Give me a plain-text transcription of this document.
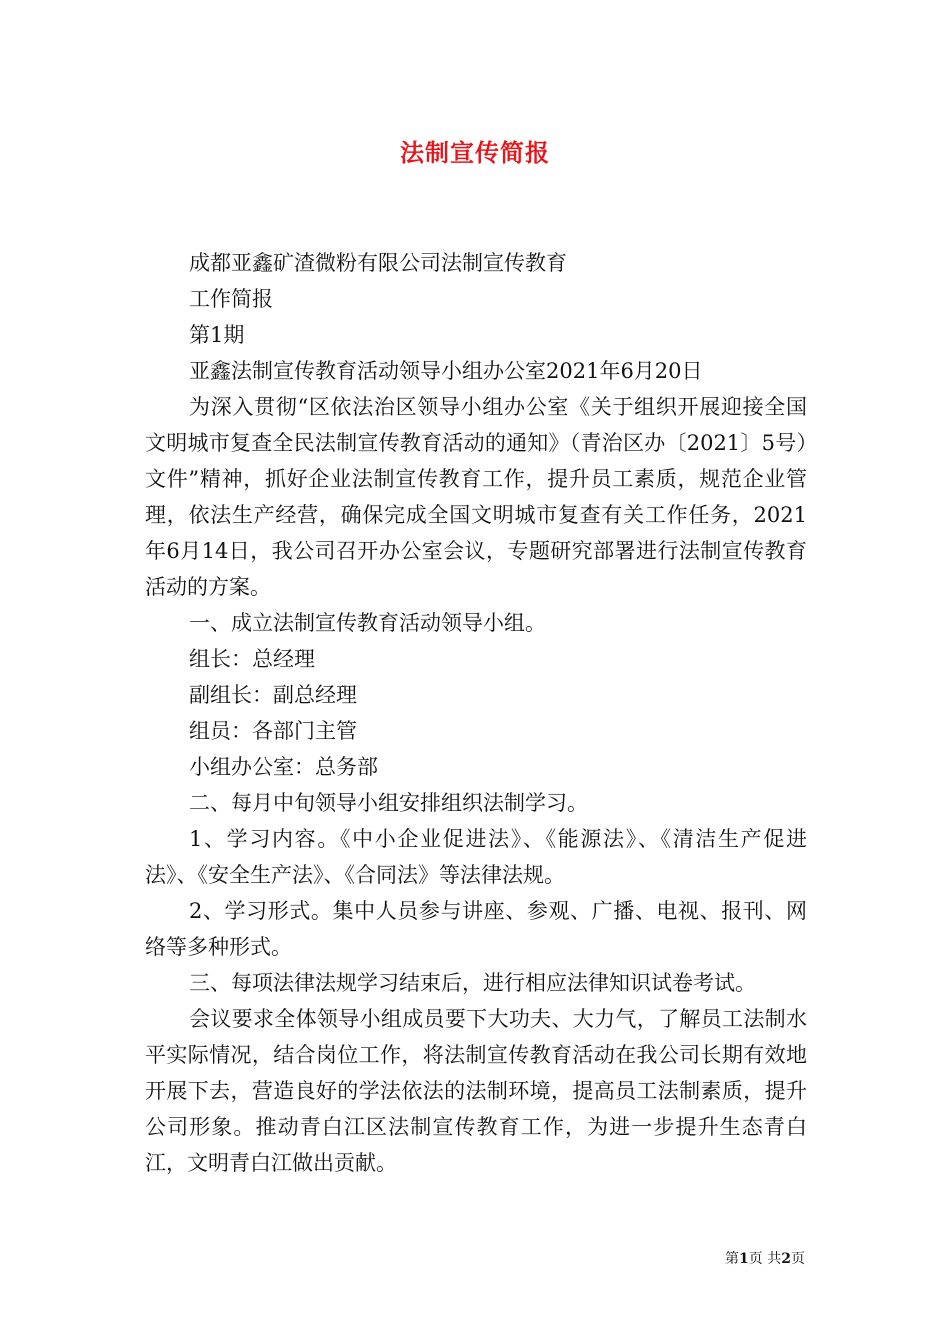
法制宣传简报

成都亚鑫矿渣微粉有限公司法制宣传教育

工作简报

第1期

亚鑫法制宣传教育活动领导小组办公室2021年6月20日

为深入贯彻“区依法治区领导小组办公室《关于组织开展迎接全国文明城市复查全民法制宣传教育活动的通知》（青治区办〔2021〕5号）文件”精神，抓好企业法制宣传教育工作，提升员工素质，规范企业管理，依法生产经营，确保完成全国文明城市复查有关工作任务，2021年6月14日，我公司召开办公室会议，专题研究部署进行法制宣传教育活动的方案。

一、成立法制宣传教育活动领导小组。

组长：总经理

副组长：副总经理

组员：各部门主管

小组办公室：总务部

二、每月中旬领导小组安排组织法制学习。

1、学习内容。《中小企业促进法》、《能源法》、《清洁生产促进法》、《安全生产法》、《合同法》等法律法规。

2、学习形式。集中人员参与讲座、参观、广播、电视、报刊、网络等多种形式。

三、每项法律法规学习结束后，进行相应法律知识试卷考试。

会议要求全体领导小组成员要下大功夫、大力气，了解员工法制水平实际情况，结合岗位工作，将法制宣传教育活动在我公司长期有效地开展下去，营造良好的学法依法的法制环境，提高员工法制素质，提升公司形象。推动青白江区法制宣传教育工作，为进一步提升生态青白江，文明青白江做出贡献。

第1页 共2页
